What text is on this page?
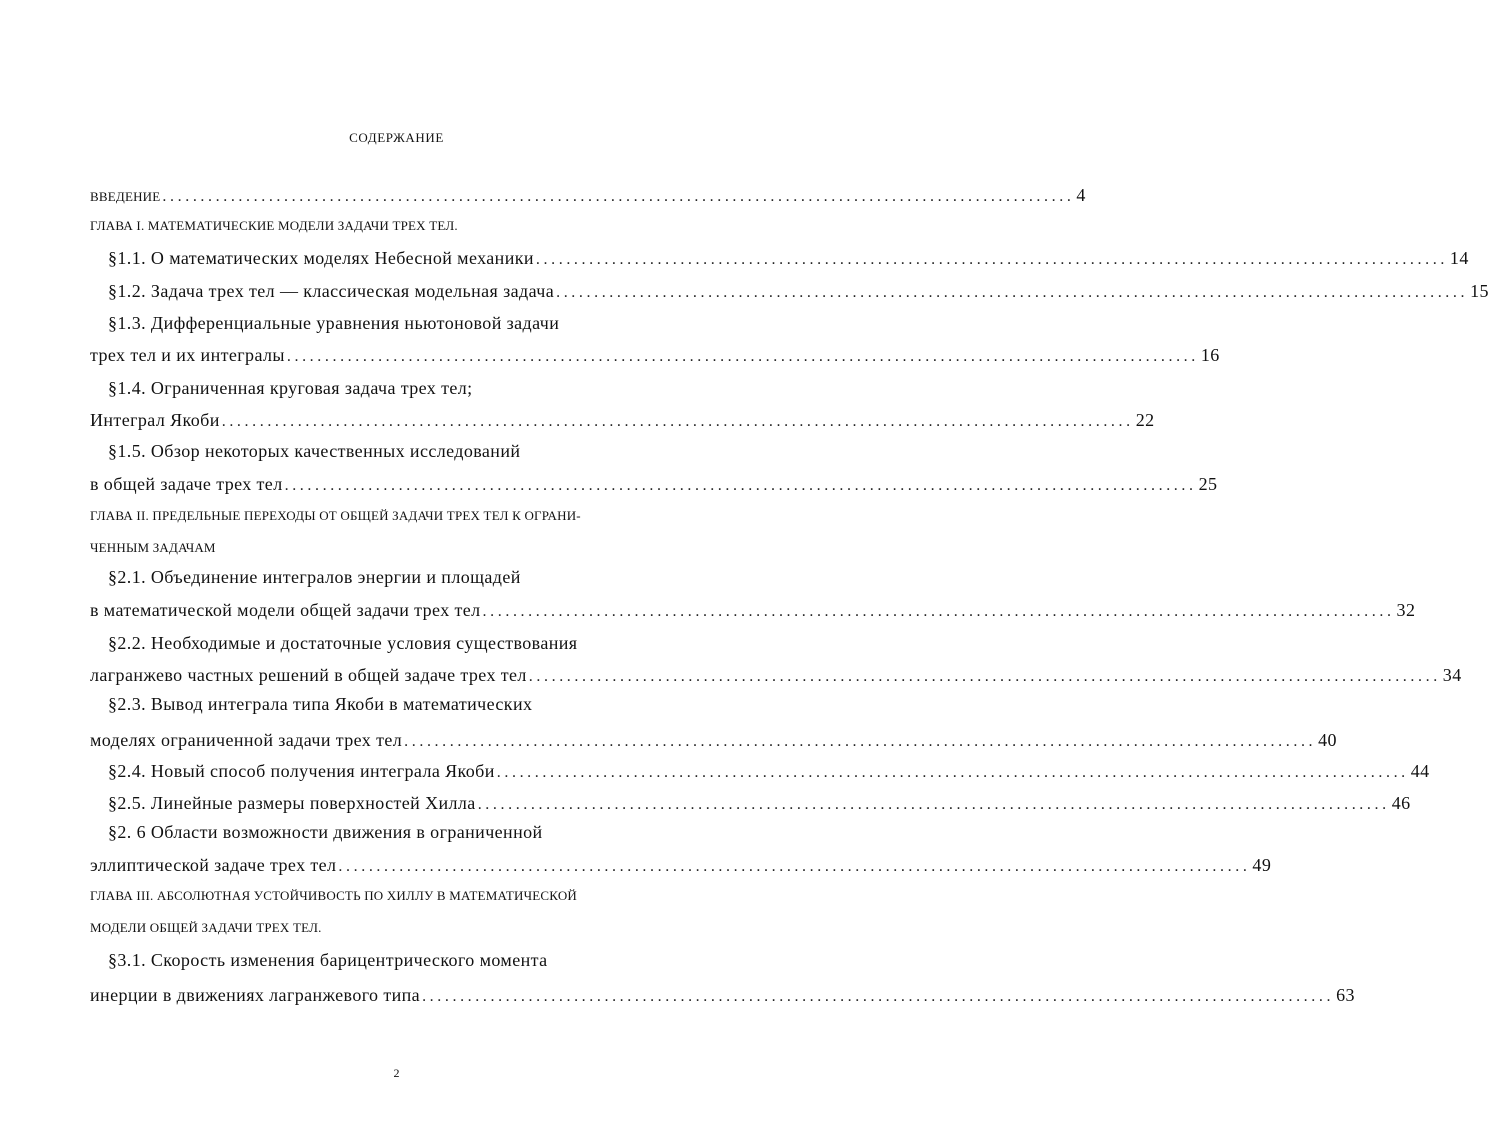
СОДЕРЖАНИЕ
ВВЕДЕНИЕ ........................................................................................................................ 4
ГЛАВА I. МАТЕМАТИЧЕСКИЕ МОДЕЛИ ЗАДАЧИ ТРЕХ ТЕЛ.
§1.1. О математических моделях Небесной механики ........................................................................................................................ 14
§1.2. Задача трех тел — классическая модельная задача ........................................................................................................................ 15
§1.3. Дифференциальные уравнения ньютоновой задачи
трех тел и их интегралы ........................................................................................................................ 16
§1.4. Ограниченная круговая задача трех тел;
Интеграл Якоби ........................................................................................................................ 22
§1.5. Обзор некоторых качественных исследований
в общей задаче трех тел ........................................................................................................................ 25
ГЛАВА II. ПРЕДЕЛЬНЫЕ ПЕРЕХОДЫ ОТ ОБЩЕЙ ЗАДАЧИ ТРЕХ ТЕЛ К ОГРАНИ-
ЧЕННЫМ ЗАДАЧАМ
§2.1. Объединение интегралов энергии и площадей
в математической модели общей задачи трех тел ........................................................................................................................ 32
§2.2. Необходимые и достаточные условия существования
лагранжево частных решений в общей задаче трех тел ........................................................................................................................ 34
§2.3. Вывод интеграла типа Якоби в математических
моделях ограниченной задачи трех тел ........................................................................................................................ 40
§2.4. Новый способ получения интеграла Якоби ........................................................................................................................ 44
§2.5. Линейные размеры поверхностей Хилла ........................................................................................................................ 46
§2. 6 Области возможности движения в ограниченной
эллиптической задаче трех тел ........................................................................................................................ 49
ГЛАВА III. АБСОЛЮТНАЯ УСТОЙЧИВОСТЬ ПО ХИЛЛУ В МАТЕМАТИЧЕСКОЙ
МОДЕЛИ ОБЩЕЙ ЗАДАЧИ ТРЕХ ТЕЛ.
§3.1. Скорость изменения барицентрического момента
инерции в движениях лагранжевого типа ........................................................................................................................ 63
2
